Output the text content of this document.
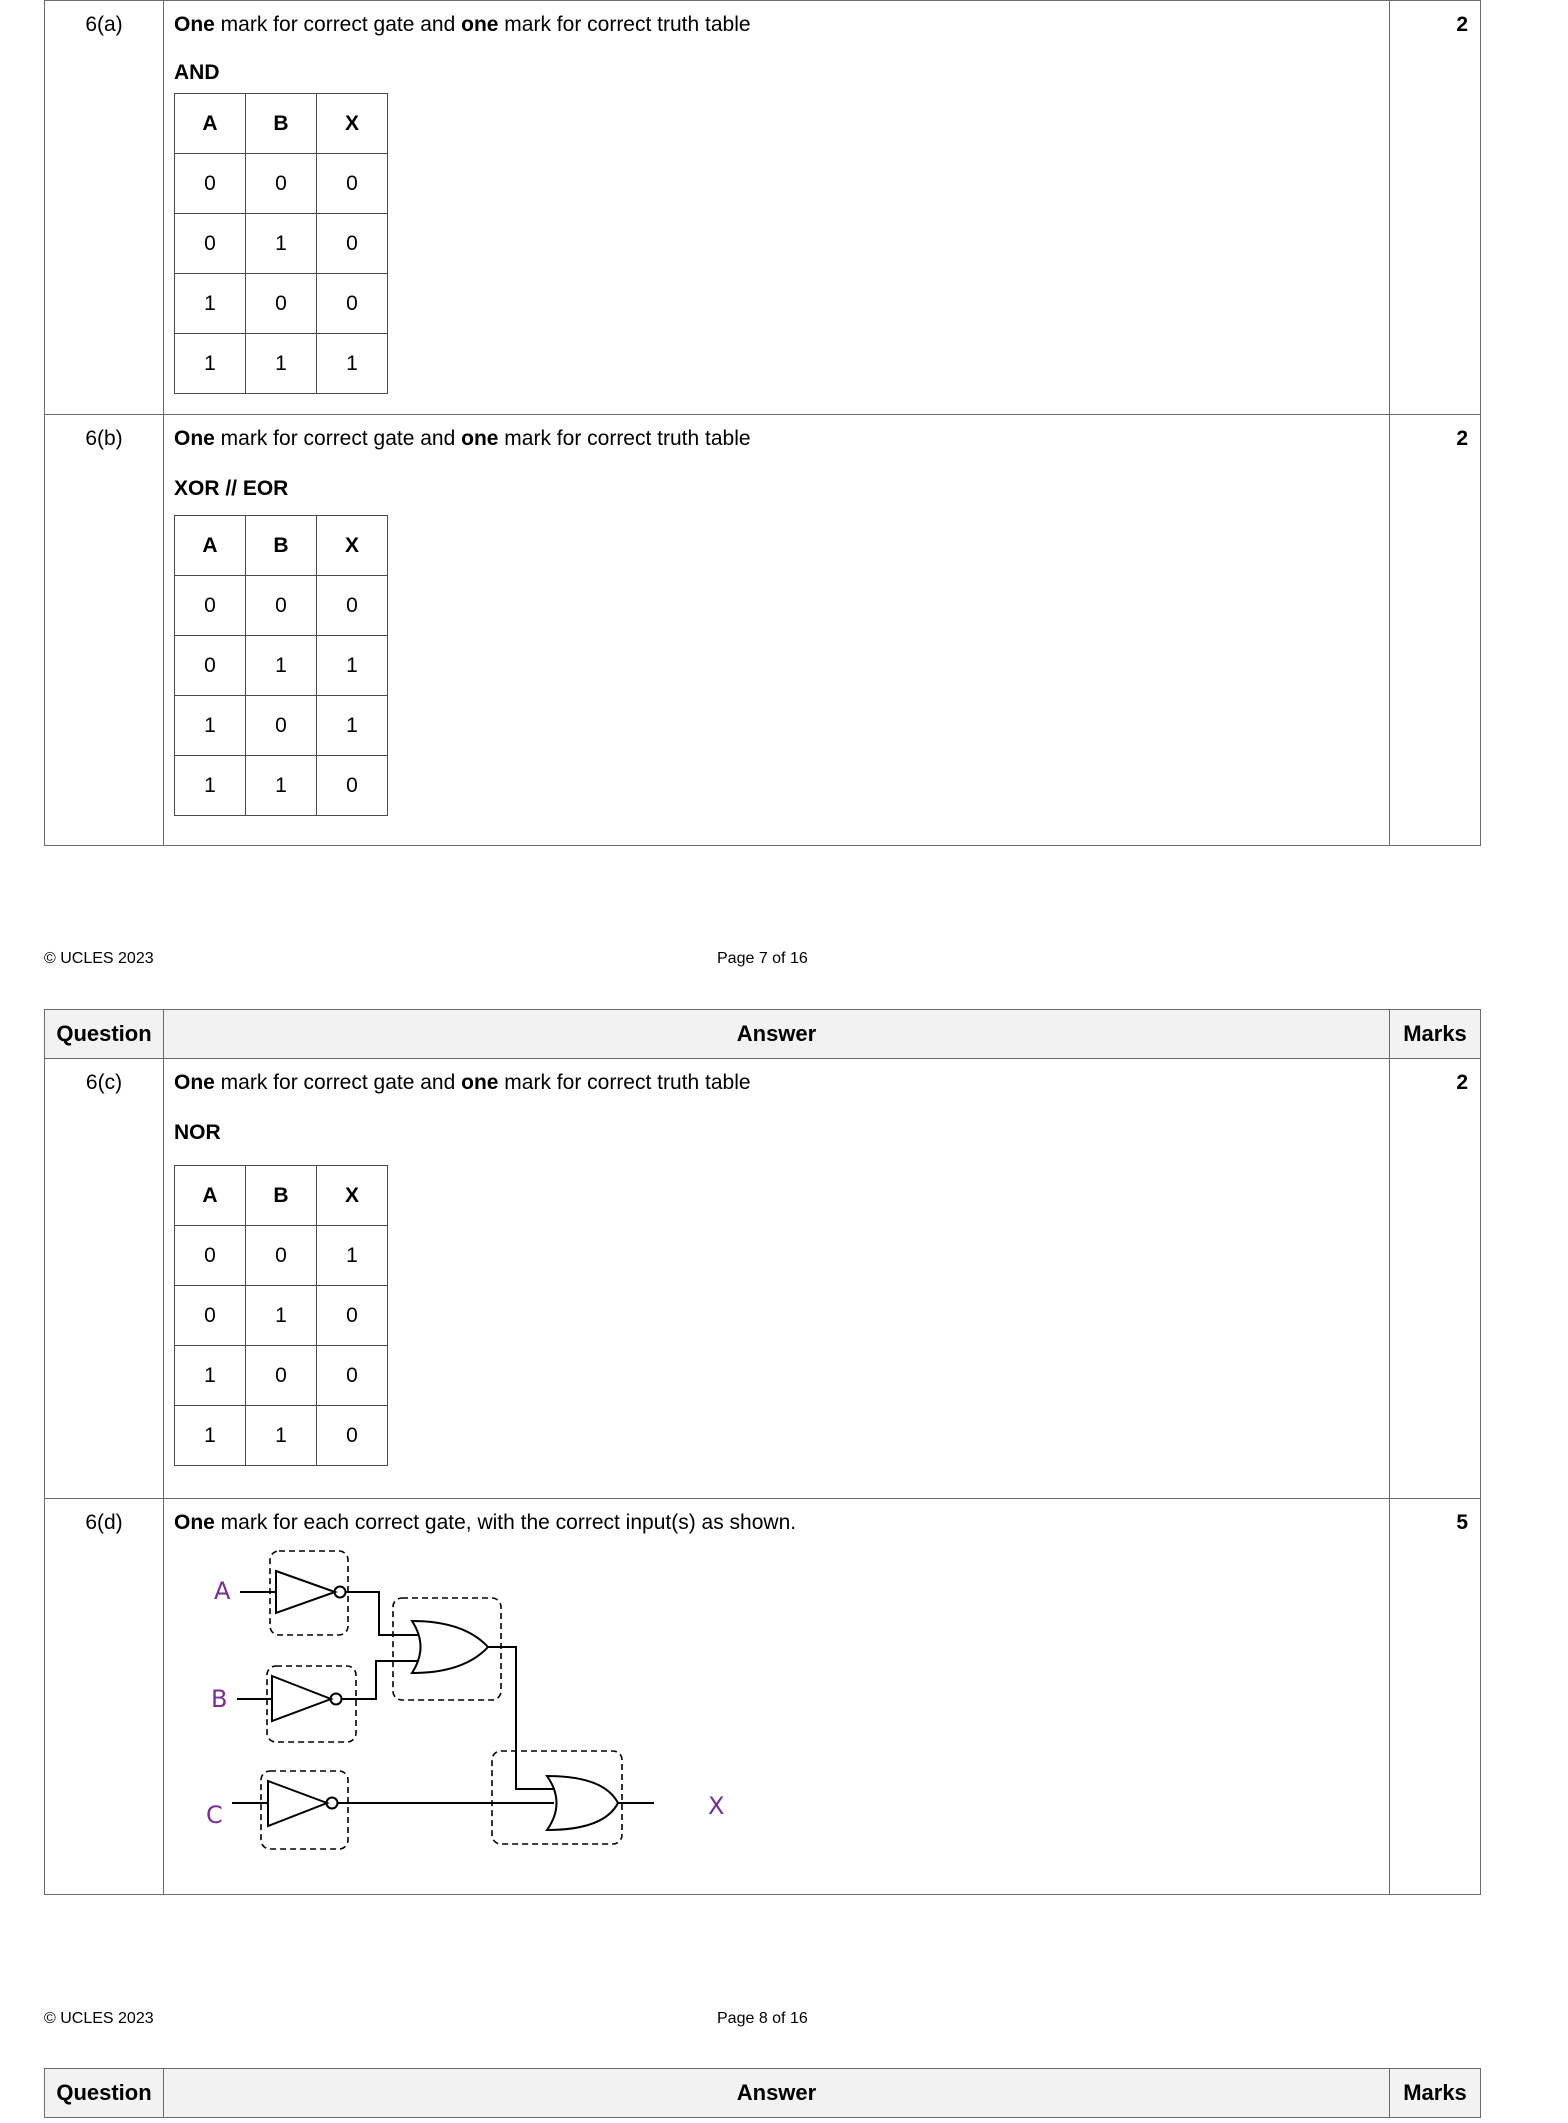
6(a)	One mark for correct gate and one mark for correct truth table
AND
A	B	X
0	0	0
0	1	0
1	0	0
1	1	1
	2
6(b)	One mark for correct gate and one mark for correct truth table
XOR // EOR
A	B	X
0	0	0
0	1	1
1	0	1
1	1	0
	2
© UCLES 2023	Page 7 of 16
Question	Answer	Marks
6(c)	One mark for correct gate and one mark for correct truth table
NOR
A	B	X
0	0	1
0	1	0
1	0	0
1	1	0
	2
6(d)	One mark for each correct gate, with the correct input(s) as shown.
A
B
C	X
	5
© UCLES 2023	Page 8 of 16
Question	Answer	Marks
